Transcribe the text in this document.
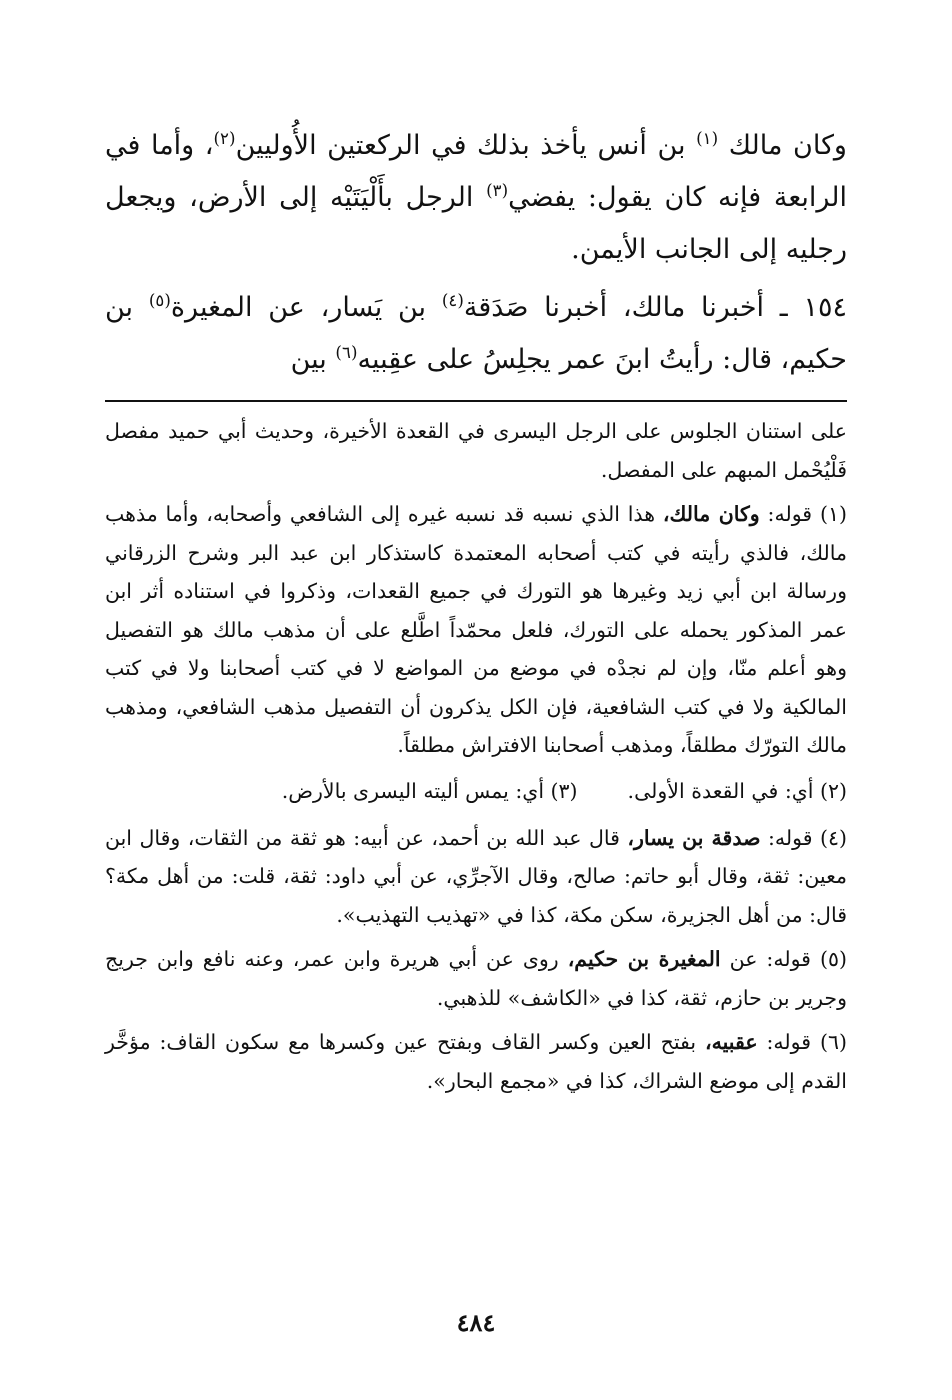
وكان مالك $^{(١)}$ بن أنس يأخذ بذلك في الركعتين الأُوليين$^{(٢)}$، وأما في الرابعة فإنه كان يقول: يفضي$^{(٣)}$ الرجل بأَلْيَتَيْه إلى الأرض، ويجعل رجليه إلى الجانب الأيمن.

١٥٤ ـ أخبرنا مالك، أخبرنا صَدَقة$^{(٤)}$ بن يَسار، عن المغيرة$^{(٥)}$ بن حكيم، قال: رأيتُ ابنَ عمر يجلِسُ على عقِبيه$^{(٦)}$ بين

على استنان الجلوس على الرجل اليسرى في القعدة الأخيرة، وحديث أبي حميد مفصل فَلْيُحْمل المبهم على المفصل.

(١) قوله: وكان مالك، هذا الذي نسبه قد نسبه غيره إلى الشافعي وأصحابه، وأما مذهب مالك، فالذي رأيته في كتب أصحابه المعتمدة كاستذكار ابن عبد البر وشرح الزرقاني ورسالة ابن أبي زيد وغيرها هو التورك في جميع القعدات، وذكروا في استناده أثر ابن عمر المذكور يحمله على التورك، فلعل محمّداً اطَّلع على أن مذهب مالك هو التفصيل وهو أعلم منّا، وإن لم نجدْه في موضع من المواضع لا في كتب أصحابنا ولا في كتب المالكية ولا في كتب الشافعية، فإن الكل يذكرون أن التفصيل مذهب الشافعي، ومذهب مالك التورّك مطلقاً، ومذهب أصحابنا الافتراش مطلقاً.

(٢) أي: في القعدة الأولى.
(٣) أي: يمس أليته اليسرى بالأرض.

(٤) قوله: صدقة بن يسار، قال عبد الله بن أحمد، عن أبيه: هو ثقة من الثقات، وقال ابن معين: ثقة، وقال أبو حاتم: صالح، وقال الآجرِّي، عن أبي داود: ثقة، قلت: من أهل مكة؟ قال: من أهل الجزيرة، سكن مكة، كذا في «تهذيب التهذيب».

(٥) قوله: عن المغيرة بن حكيم، روى عن أبي هريرة وابن عمر، وعنه نافع وابن جريج وجرير بن حازم، ثقة، كذا في «الكاشف» للذهبي.

(٦) قوله: عقبيه، بفتح العين وكسر القاف وبفتح عين وكسرها مع سكون القاف: مؤخَّر القدم إلى موضع الشراك، كذا في «مجمع البحار».

٤٨٤
